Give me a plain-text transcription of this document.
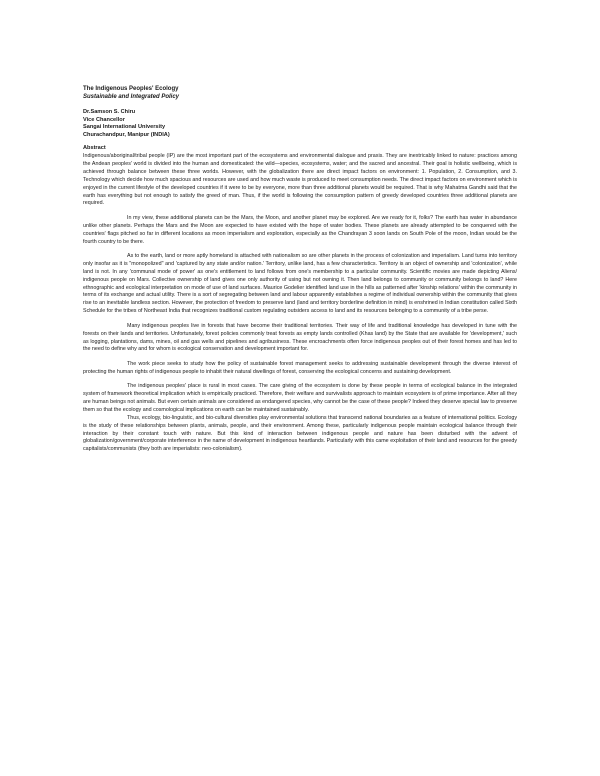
The Indigenous Peoples' Ecology
Sustainable and Integrated Policy
Dr.Samson S. Chiru
Vice Chancellor
Sangai International University
Churachandpur, Manipur (INDIA)
Abstract

Indigenous/aboriginal/tribal people (IP) are the most important part of the ecosystems and environmental dialogue and praxis. They are inextricably linked to nature: practices among the Andean peoples' world is divided into the human and domesticated: the wild—species, ecosystems, water; and the sacred and ancestral. Their goal is holistic wellbeing, which is achieved through balance between these three worlds. However, with the globalization there are direct impact factors on environment: 1. Population, 2. Consumption, and 3. Technology which decide how much spacious and resources are used and how much waste is produced to meet consumption needs. The direct impact factors on environment which is enjoyed in the current lifestyle of the developed countries if it were to be by everyone, more than three additional planets would be required. That is why Mahatma Gandhi said that the earth has everything but not enough to satisfy the greed of man. Thus, if the world is following the consumption pattern of greedy developed countries three additional planets are required.

In my view, these additional planets can be the Mars, the Moon, and another planet may be explored. Are we ready for it, folks? The earth has water in abundance unlike other planets. Perhaps the Mars and the Moon are expected to have existed with the hope of water bodies. These planets are already attempted to be conquered with the countries' flags pitched so far in different locations as moon imperialism and exploration, especially as the Chandrayan 3 soon lands on South Pole of the moon, Indian would be the fourth country to be there.

As to the earth, land or more aptly homeland is attached with nationalism so are other planets in the process of colonization and imperialism. Land turns into territory only insofar as it is "monopolized" and 'captured by any state and/or nation.' Territory, unlike land, has a few characteristics. Territory is an object of ownership and 'colonization', while land is not. In any 'communal mode of power' as one's entitlement to land follows from one's membership to a particular community. Scientific movies are made depicting Aliens/ indigenous people on Mars. Collective ownership of land gives one only authority of using but not owning it. Then land belongs to community or community belongs to land? Here ethnographic and ecological interpretation on mode of use of land surfaces. Maurice Godelier identified land use in the hills as patterned after 'kinship relations' within the community in terms of its exchange and actual utility. There is a sort of segregating between land and labour apparently establishes a regime of individual ownership within the community that gives rise to an inevitable landless section. However, the protection of freedom to preserve land (land and territory borderline definition in mind) is enshrined in Indian constitution called Sixth Schedule for the tribes of Northeast India that recognizes traditional custom regulating outsiders access to land and its resources belonging to a community of a tribe perse.

Many indigenous peoples live in forests that have become their traditional territories. Their way of life and traditional knowledge has developed in tune with the forests on their lands and territories. Unfortunately, forest policies commonly treat forests as empty lands controlled (Khas land) by the State that are available for 'development,' such as logging, plantations, dams, mines, oil and gas wells and pipelines and agribusiness. These encroachments often force indigenous peoples out of their forest homes and has led to the need to define why and for whom is ecological conservation and development important for.

The work piece seeks to study how the policy of sustainable forest management seeks to addressing sustainable development through the diverse interest of protecting the human rights of indigenous people to inhabit their natural dwellings of forest, conserving the ecological concerns and sustaining development.

The indigenous peoples' place is rural in most cases. The care giving of the ecosystem is done by these people in terms of ecological balance in the integrated system of framework theoretical implication which is empirically practiced. Therefore, their welfare and survivalists approach to maintain ecosystem is of prime importance. After all they are human beings not animals. But even certain animals are considered as endangered species, why cannot be the case of these people? Indeed they deserve special law to preserve them so that the ecology and cosmological implications on earth can be maintained sustainably.

Thus, ecology, bio-linguistic, and bio-cultural diversities play environmental solutions that transcend national boundaries as a feature of international politics. Ecology is the study of these relationships between plants, animals, people, and their environment. Among these, particularly indigenous people maintain ecological balance through their interaction by their constant touch with nature. But this kind of interaction between indigenous people and nature has been disturbed with the advent of globalization/government/corporate interference in the name of development in indigenous heartlands. Particularly with this came exploitation of their land and resources for the greedy capitalists/communists (they both are imperialists: neo-colonialism).
